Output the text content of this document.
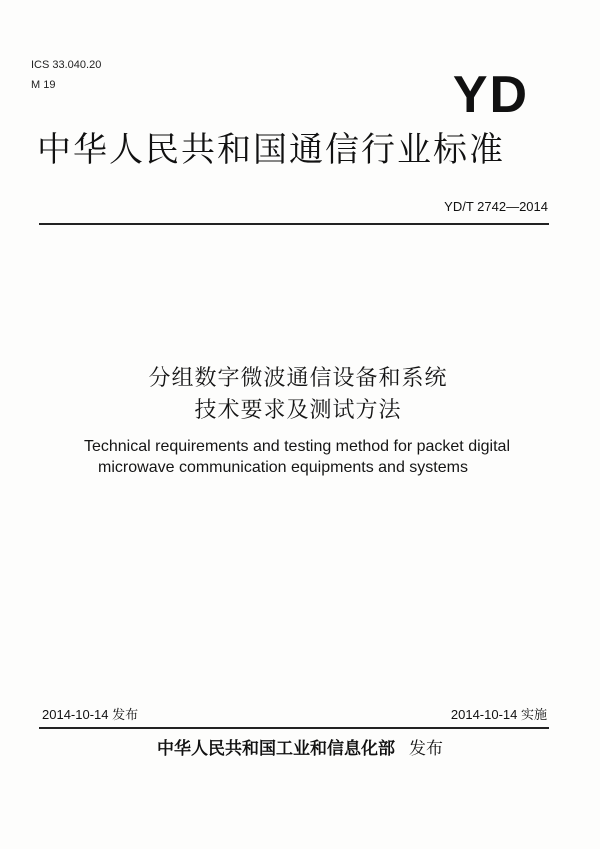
ICS 33.040.20
M 19	YD
中华人民共和国通信行业标准
YD/T 2742—2014
分组数字微波通信设备和系统
技术要求及测试方法
Technical requirements and testing method for packet digital
microwave communication equipments and systems
2014-10-14 发布	2014-10-14 实施
中华人民共和国工业和信息化部 发布
